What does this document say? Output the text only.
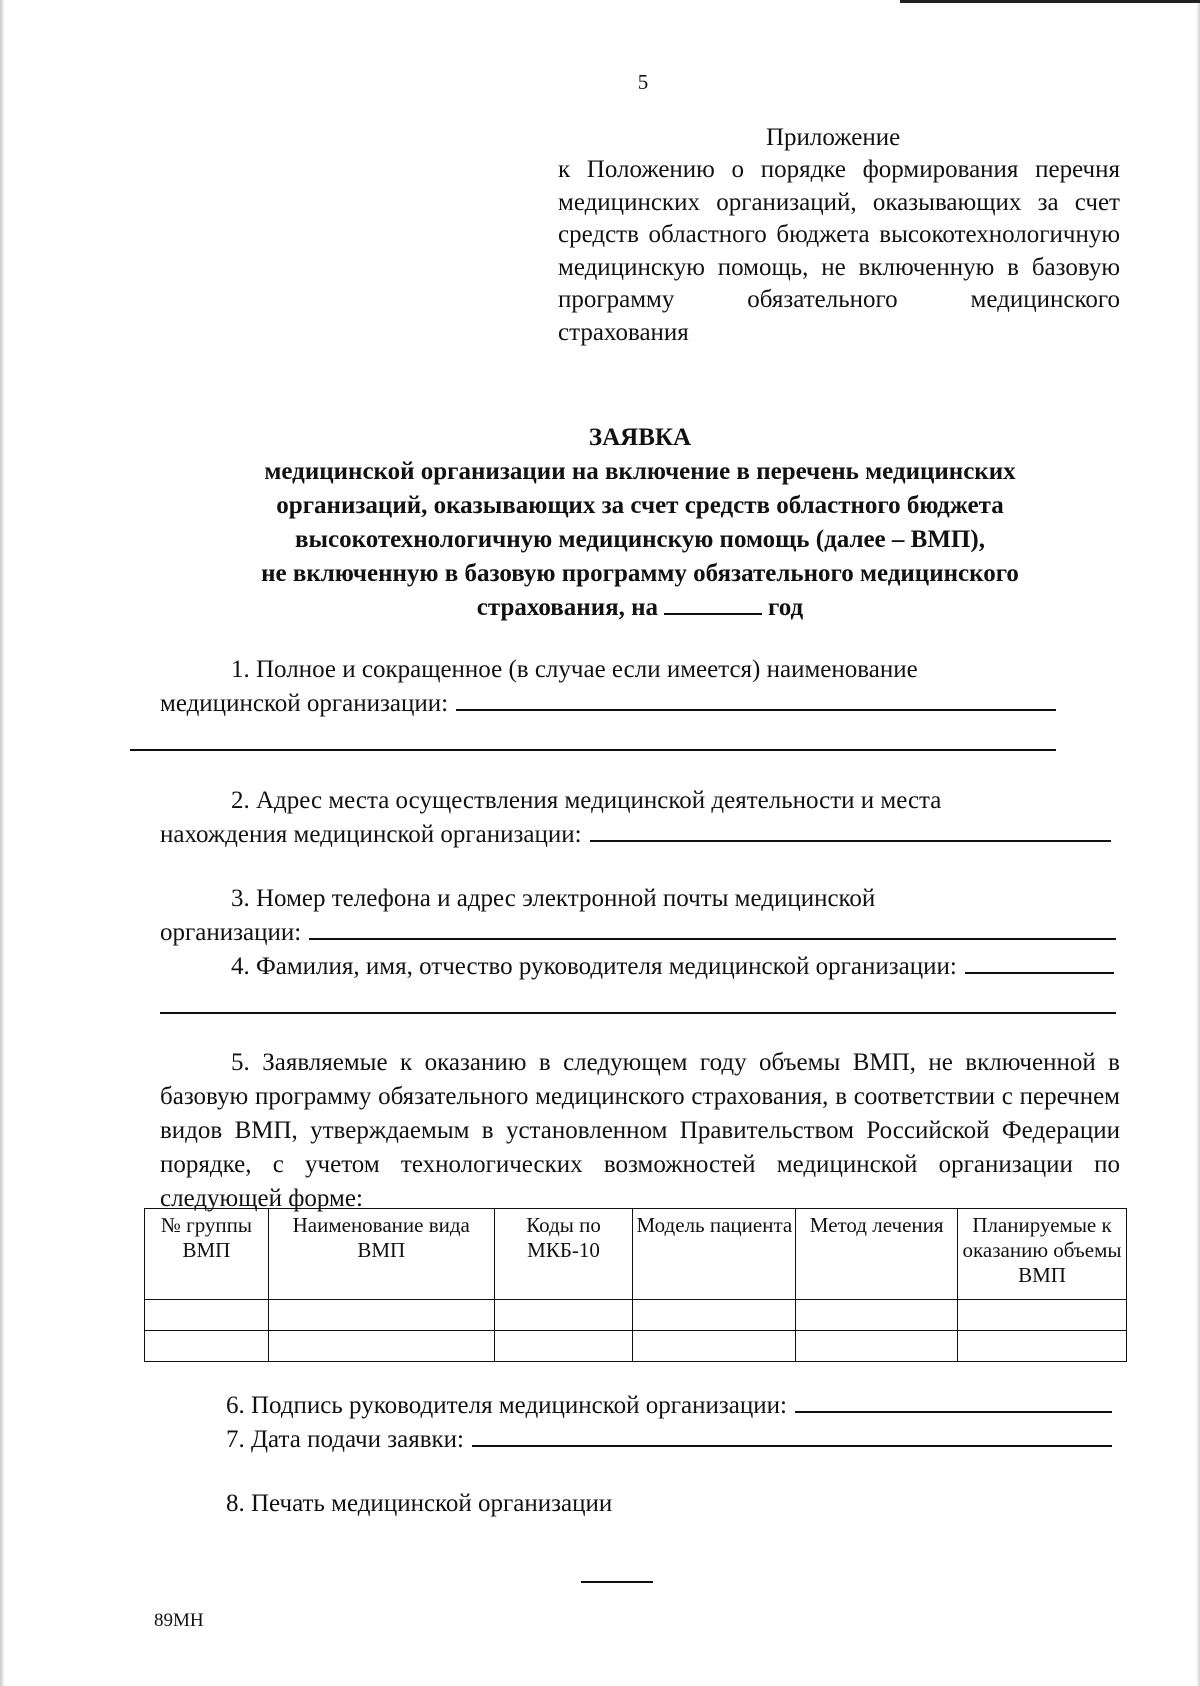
5
Приложение
к Положению о порядке формирования перечня медицинских организаций, оказывающих за счет средств областного бюджета высокотехнологичную медицинскую помощь, не включенную в базовую программу обязательного медицинского страхования
ЗАЯВКА
медицинской организации на включение в перечень медицинских
организаций, оказывающих за счет средств областного бюджета
высокотехнологичную медицинскую помощь (далее – ВМП),
не включенную в базовую программу обязательного медицинского
страхования, на	год
1. Полное и сокращенное (в случае если имеется) наименование
медицинской организации:
2. Адрес места осуществления медицинской деятельности и места
нахождения медицинской организации:
3. Номер телефона и адрес электронной почты медицинской
организации:
4. Фамилия, имя, отчество руководителя медицинской организации:
5. Заявляемые к оказанию в следующем году объемы ВМП, не включенной в базовую программу обязательного медицинского страхования, в соответствии с перечнем видов ВМП, утверждаемым в установленном Правительством Российской Федерации порядке, с учетом технологических возможностей медицинской организации по следующей форме:
№ группы ВМП	Наименование вида ВМП	Коды по МКБ-10	Модель пациента	Метод лечения	Планируемые к оказанию объемы ВМП

6. Подпись руководителя медицинской организации:
7. Дата подачи заявки:
8. Печать медицинской организации
89МН
